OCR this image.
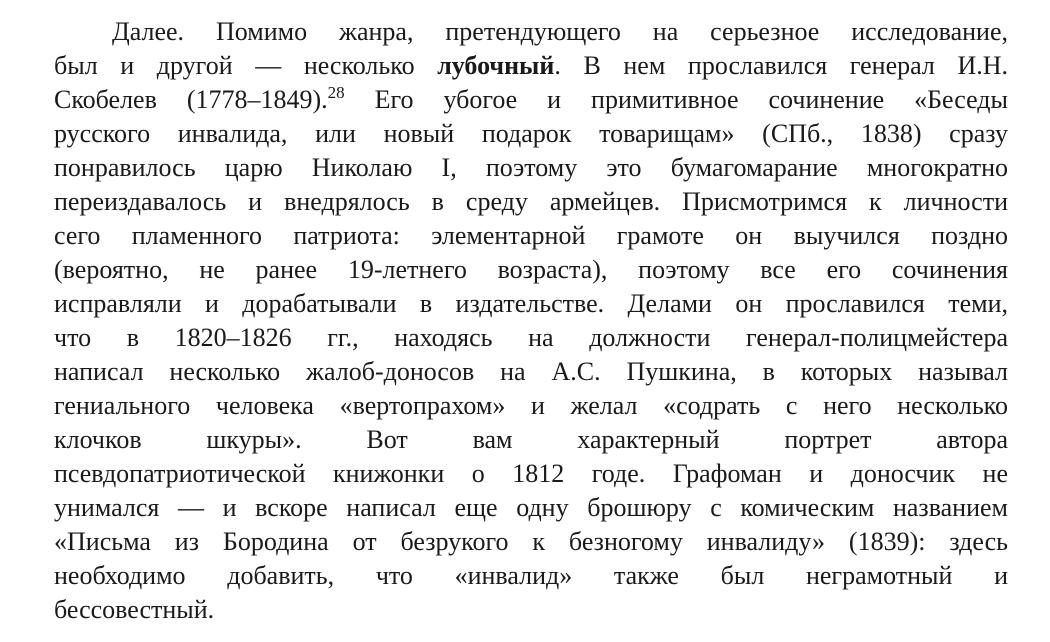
Далее. Помимо жанра, претендующего на серьезное исследование,
был и другой — несколько лубочный. В нем прославился генерал И.Н.
Скобелев (1778–1849).$^{28}$ Его убогое и примитивное сочинение «Беседы
русского инвалида, или новый подарок товарищам» (СПб., 1838) сразу
понравилось царю Николаю I, поэтому это бумагомарание многократно
переиздавалось и внедрялось в среду армейцев. Присмотримся к личности
сего пламенного патриота: элементарной грамоте он выучился поздно
(вероятно, не ранее 19-летнего возраста), поэтому все его сочинения
исправляли и дорабатывали в издательстве. Делами он прославился теми,
что в 1820–1826 гг., находясь на должности генерал-полицмейстера
написал несколько жалоб-доносов на А.С. Пушкина, в которых называл
гениального человека «вертопрахом» и желал «содрать с него несколько
клочков шкуры». Вот вам характерный портрет автора
псевдопатриотической книжонки о 1812 годе. Графоман и доносчик не
унимался — и вскоре написал еще одну брошюру с комическим названием
«Письма из Бородина от безрукого к безногому инвалиду» (1839): здесь
необходимо добавить, что «инвалид» также был неграмотный и
бессовестный.
